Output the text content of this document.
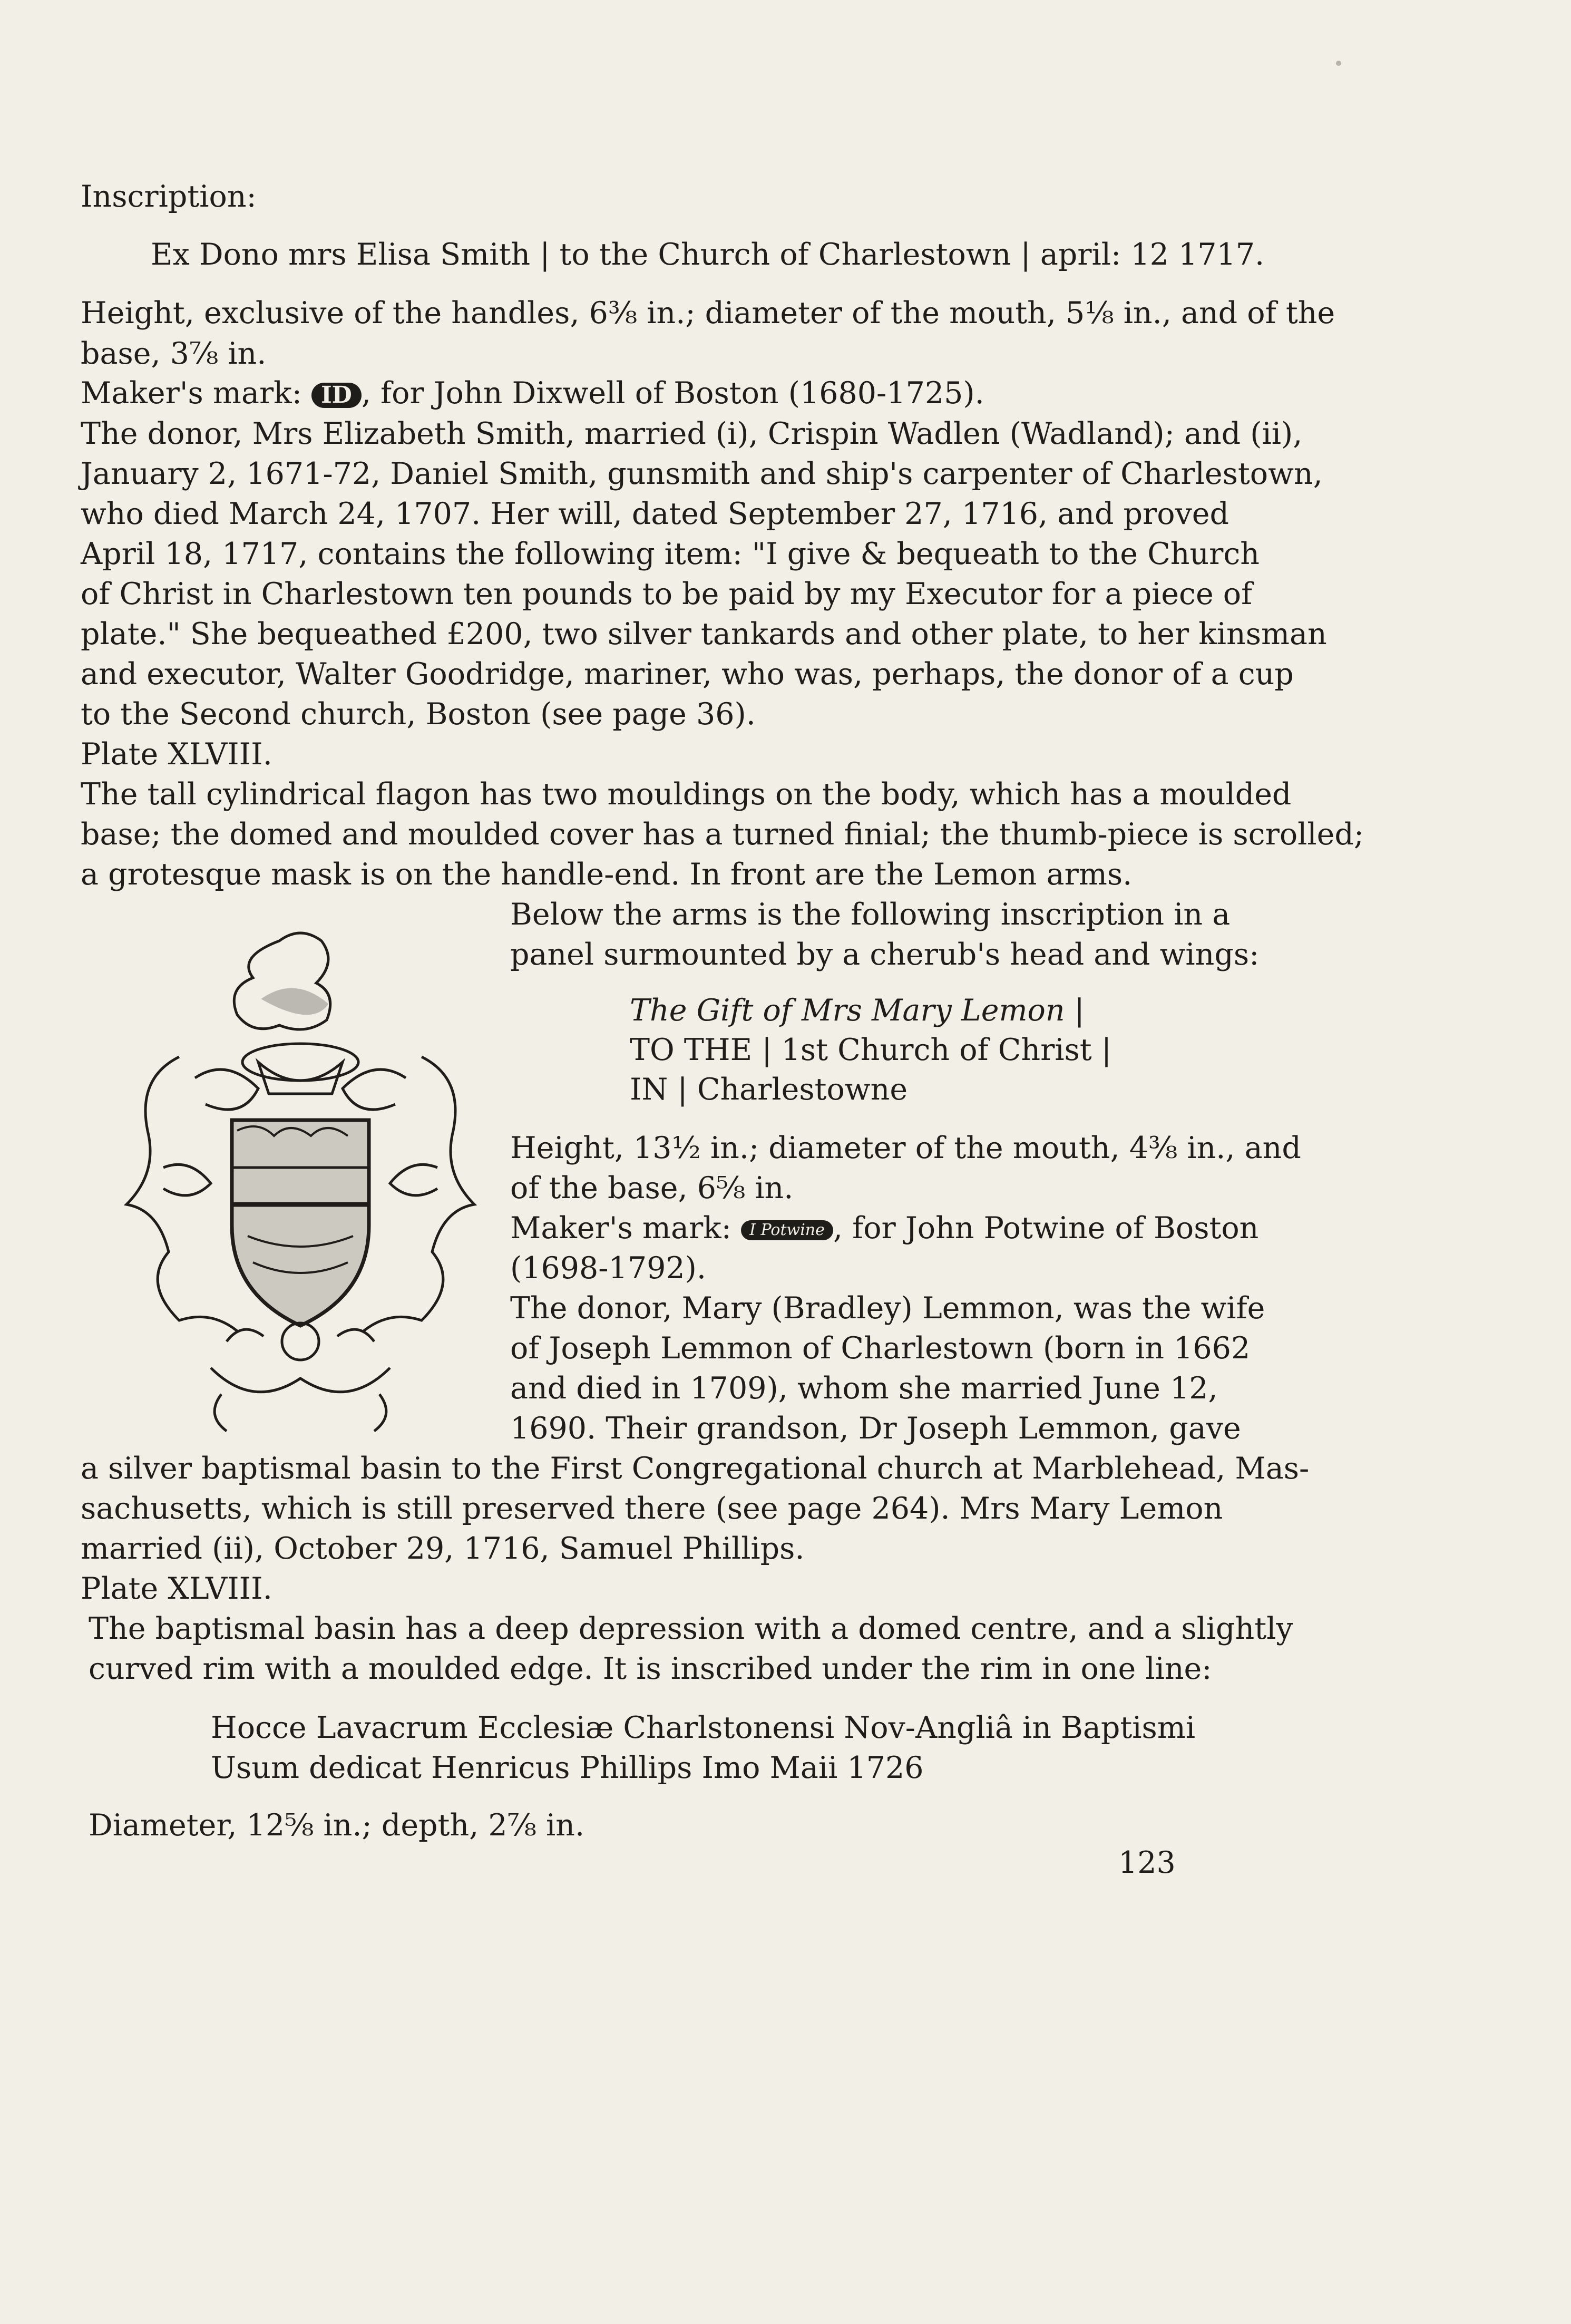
Inscription:
Ex Dono mrs Elisa Smith | to the Church of Charlestown | april: 12 1717.
Height, exclusive of the handles, 6⅜ in.; diameter of the mouth, 5⅛ in., and of the
base, 3⅞ in.
Maker's mark: ID , for John Dixwell of Boston (1680-1725).
The donor, Mrs Elizabeth Smith, married (i), Crispin Wadlen (Wadland); and (ii),
January 2, 1671-72, Daniel Smith, gunsmith and ship's carpenter of Charlestown,
who died March 24, 1707. Her will, dated September 27, 1716, and proved
April 18, 1717, contains the following item: "I give & bequeath to the Church
of Christ in Charlestown ten pounds to be paid by my Executor for a piece of
plate." She bequeathed £200, two silver tankards and other plate, to her kinsman
and executor, Walter Goodridge, mariner, who was, perhaps, the donor of a cup
to the Second church, Boston (see page 36).
Plate XLVIII.
The tall cylindrical flagon has two mouldings on the body, which has a moulded
base; the domed and moulded cover has a turned finial; the thumb-piece is scrolled;
a grotesque mask is on the handle-end. In front are the Lemon arms.
Below the arms is the following inscription in a
panel surmounted by a cherub's head and wings:
The Gift of Mrs Mary Lemon |
TO THE | 1st Church of Christ |
IN | Charlestowne
Height, 13½ in.; diameter of the mouth, 4⅜ in., and
of the base, 6⅝ in.
Maker's mark: I Potwine , for John Potwine of Boston
(1698-1792).
The donor, Mary (Bradley) Lemmon, was the wife
of Joseph Lemmon of Charlestown (born in 1662
and died in 1709), whom she married June 12,
1690. Their grandson, Dr Joseph Lemmon, gave
a silver baptismal basin to the First Congregational church at Marblehead, Mas-
sachusetts, which is still preserved there (see page 264). Mrs Mary Lemon
married (ii), October 29, 1716, Samuel Phillips.
Plate XLVIII.
The baptismal basin has a deep depression with a domed centre, and a slightly
curved rim with a moulded edge. It is inscribed under the rim in one line:
Hocce Lavacrum Ecclesiæ Charlstonensi Nov-Angliâ in Baptismi
Usum dedicat Henricus Phillips Imo Maii 1726
Diameter, 12⅝ in.; depth, 2⅞ in.
123
